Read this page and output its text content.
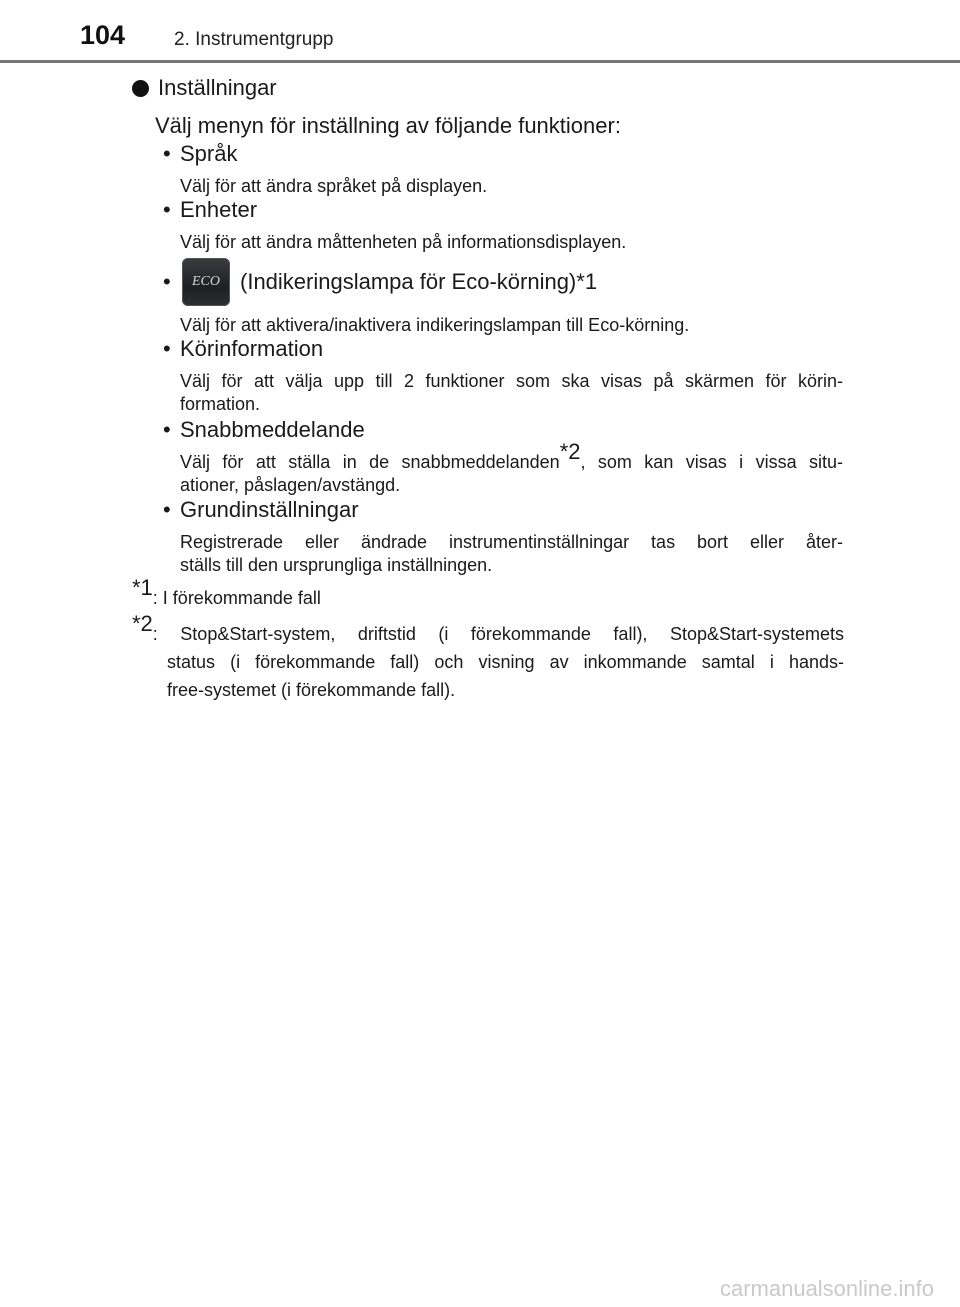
104	2. Instrumentgrupp
Inställningar
Välj menyn för inställning av följande funktioner:
• Språk
Välj för att ändra språket på displayen.
• Enheter
Välj för att ändra måttenheten på informationsdisplayen.
•	ECO (Indikeringslampa för Eco-körning) *1
Välj för att aktivera/inaktivera indikeringslampan till Eco-körning.
• Körinformation
Välj för att välja upp till 2 funktioner som ska visas på skärmen för körin-
formation.
• Snabbmeddelande
Välj för att ställa in de snabbmeddelanden$^{*2}$, som kan visas i vissa situ-
ationer, påslagen/avstängd.
• Grundinställningar
Registrerade eller ändrade instrumentinställningar tas bort eller åter-
ställs till den ursprungliga inställningen.
$^{*1}$: I förekommande fall
$^{*2}$: Stop&Start-system, driftstid (i förekommande fall), Stop&Start-systemets
status (i förekommande fall) och visning av inkommande samtal i hands-
free-systemet (i förekommande fall).
carmanualsonline.info
